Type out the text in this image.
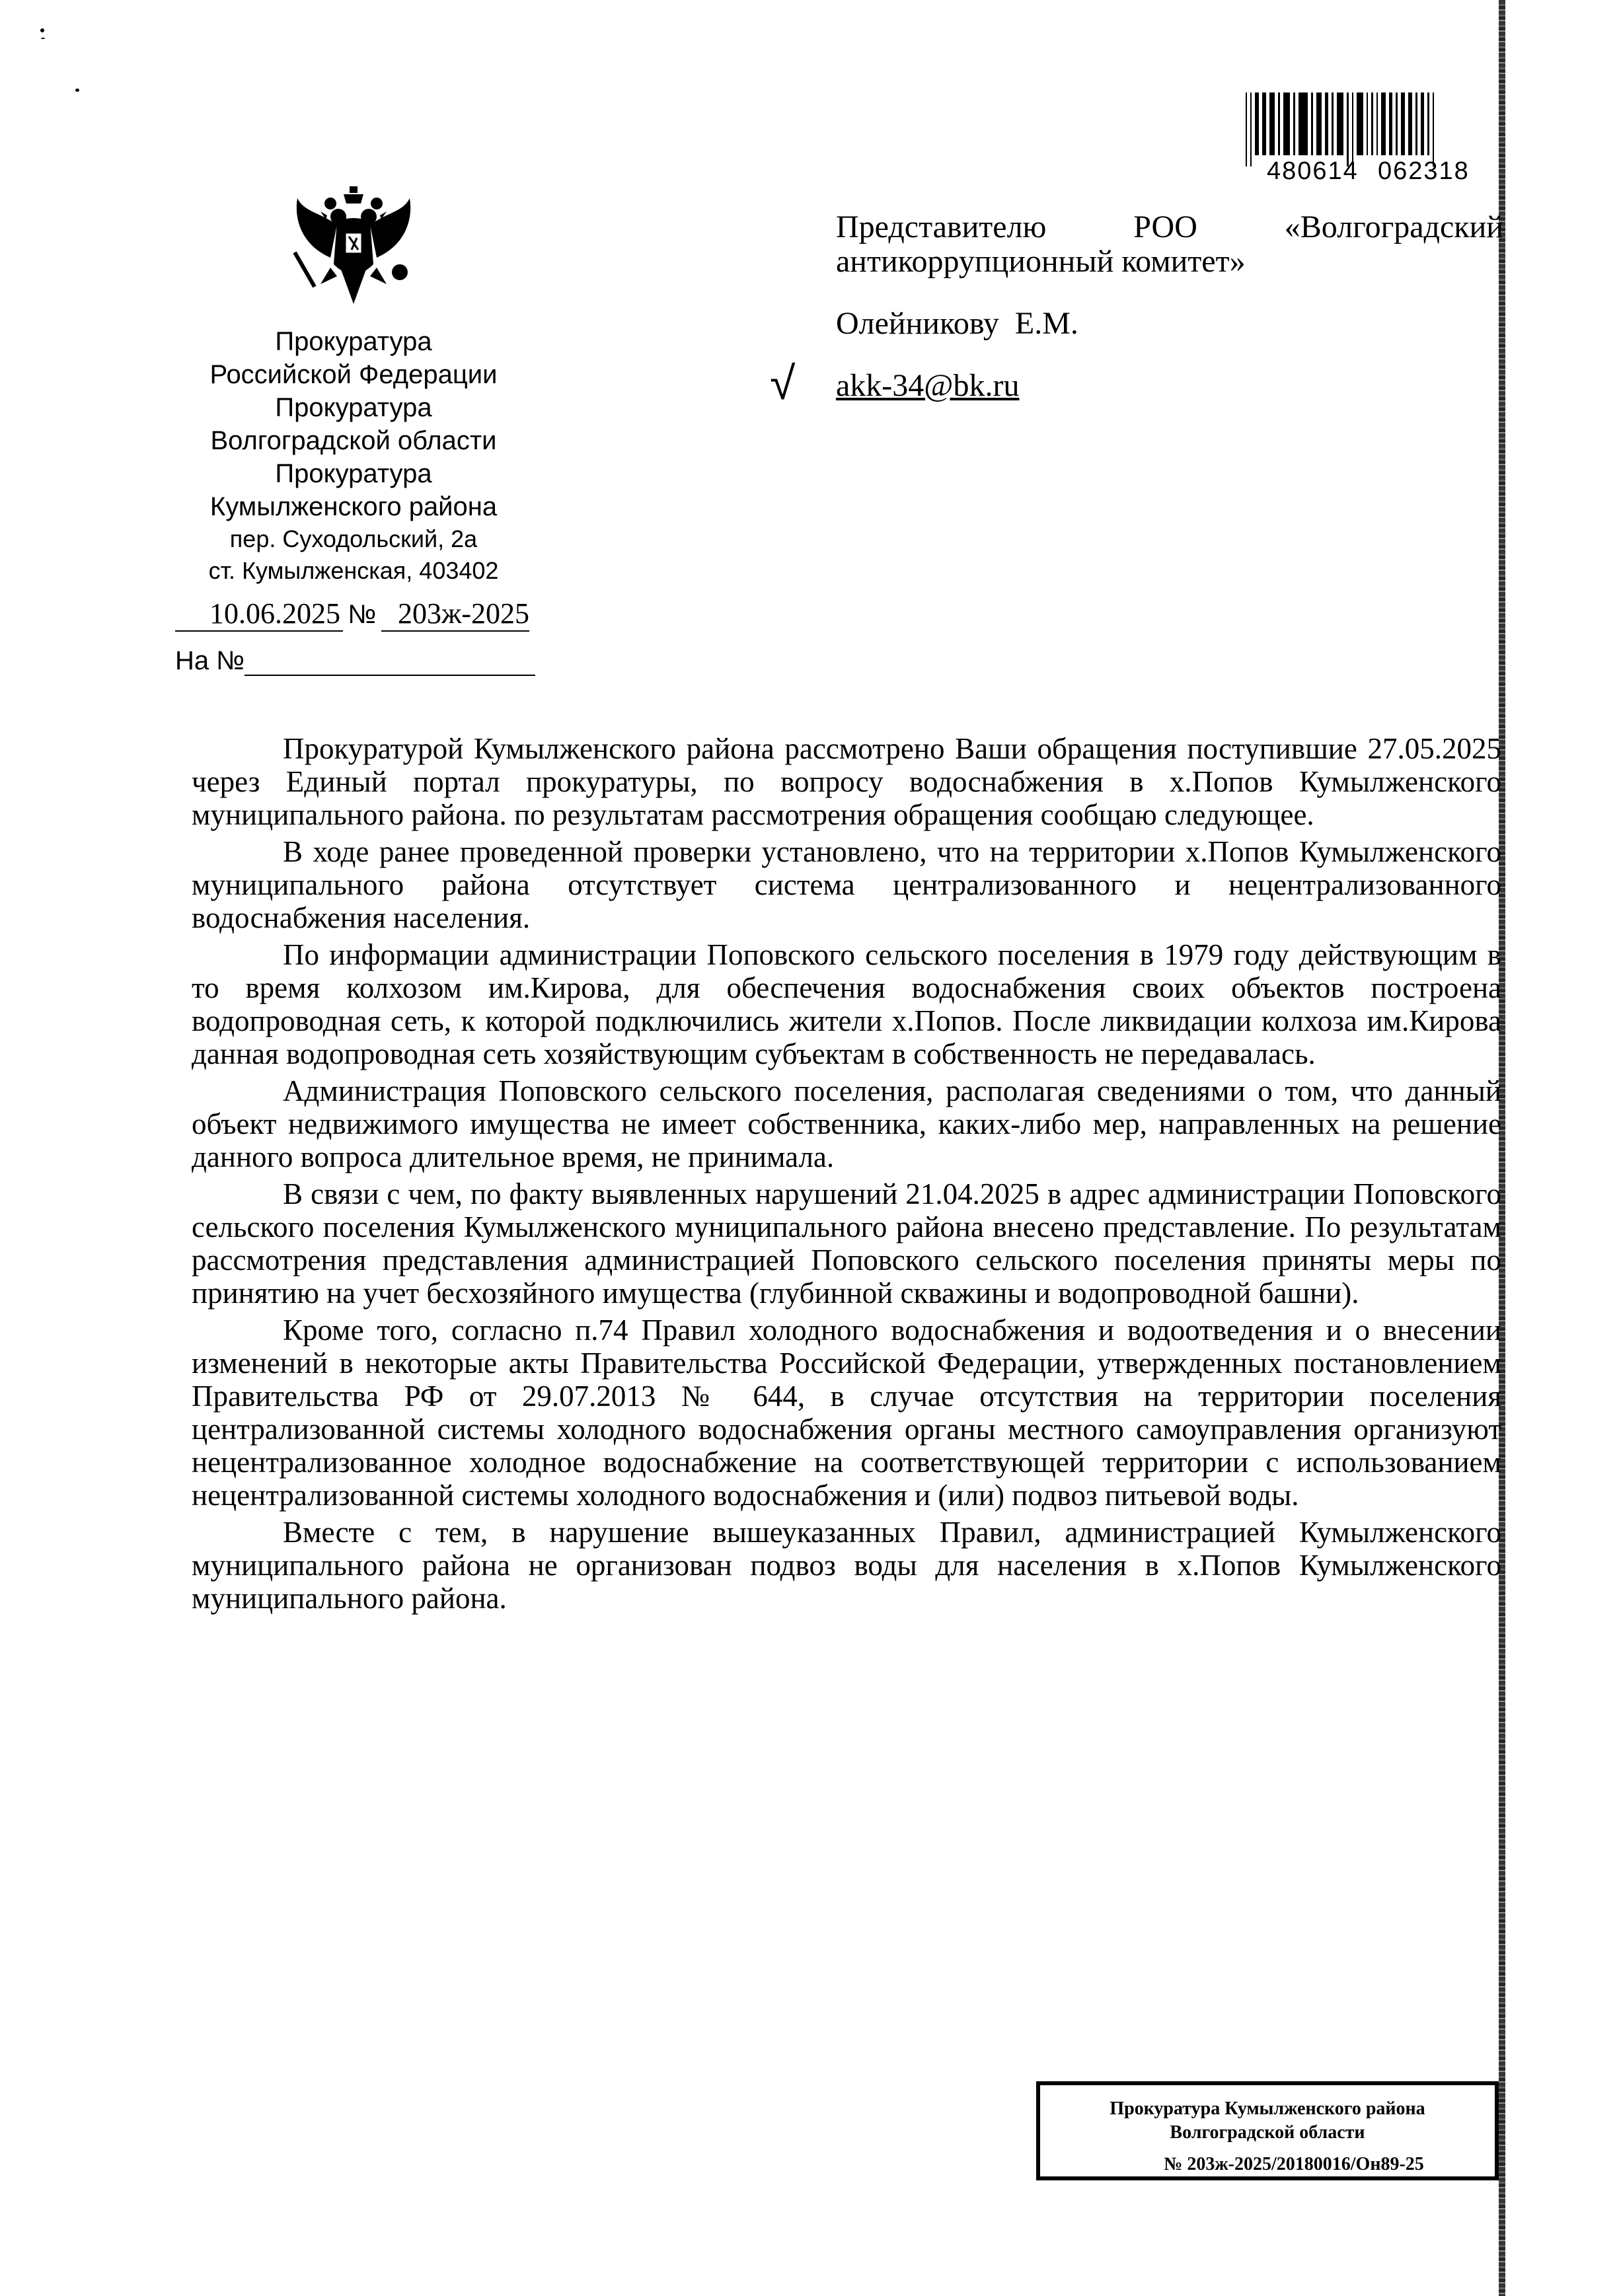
480614 062318
Прокуратура
Российской Федерации
Прокуратура
Волгоградской области
Прокуратура
Кумылженского района
пер. Суходольский, 2а
ст. Кумылженская, 403402
10.06.2025 № 203ж-2025
На №
√
Представителю	РОО	«Волгоградский
антикоррупционный комитет»
Олейникову  Е.М.
akk-34@bk.ru

Прокуратурой Кумылженского района рассмотрено Ваши обращения поступившие 27.05.2025 через Единый портал прокуратуры, по вопросу водоснабжения в х.Попов Кумылженского муниципального района. по результатам рассмотрения обращения сообщаю следующее.

В ходе ранее проведенной проверки установлено, что на территории х.Попов Кумылженского муниципального района отсутствует система централизованного и нецентрализованного водоснабжения населения.

По информации администрации Поповского сельского поселения в 1979 году действующим в то время колхозом им.Кирова, для обеспечения водоснабжения своих объектов построена водопроводная сеть, к которой подключились жители х.Попов. После ликвидации колхоза им.Кирова данная водопроводная сеть хозяйствующим субъектам в собственность не передавалась.

Администрация Поповского сельского поселения, располагая сведениями о том, что данный объект недвижимого имущества не имеет собственника, каких-либо мер, направленных на решение данного вопроса длительное время, не принимала.

В связи с чем, по факту выявленных нарушений 21.04.2025 в адрес администрации Поповского сельского поселения Кумылженского муниципального района внесено представление. По результатам рассмотрения представления администрацией Поповского сельского поселения приняты меры по принятию на учет бесхозяйного имущества (глубинной скважины и водопроводной башни).

Кроме того, согласно п.74 Правил холодного водоснабжения и водоотведения и о внесении изменений в некоторые акты Правительства Российской Федерации, утвержденных постановлением Правительства РФ от 29.07.2013 № 644, в случае отсутствия на территории поселения централизованной системы холодного водоснабжения органы местного самоуправления организуют нецентрализованное холодное водоснабжение на соответствующей территории с использованием нецентрализованной системы холодного водоснабжения и (или) подвоз питьевой воды.

Вместе с тем, в нарушение вышеуказанных Правил, администрацией Кумылженского муниципального района не организован подвоз воды для населения в х.Попов Кумылженского муниципального района.

Прокуратура Кумылженского района
Волгоградской области
№ 203ж-2025/20180016/Он89-25
